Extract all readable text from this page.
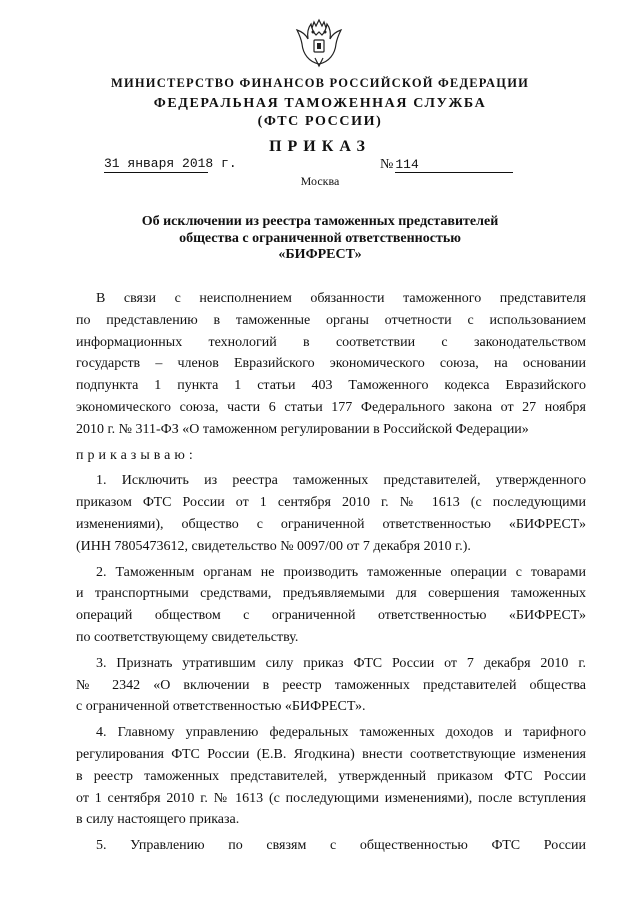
МИНИСТЕРСТВО ФИНАНСОВ РОССИЙСКОЙ ФЕДЕРАЦИИ
ФЕДЕРАЛЬНАЯ ТАМОЖЕННАЯ СЛУЖБА
(ФТС РОССИИ)
ПРИКАЗ
31 января 2018 г.	№ 114
Москва
Об исключении из реестра таможенных представителей
общества с ограниченной ответственностью
«БИФРЕСТ»
В связи с неисполнением обязанности таможенного представителя
по представлению в таможенные органы отчетности с использованием
информационных технологий в соответствии с законодательством
государств – членов Евразийского экономического союза, на основании
подпункта 1 пункта 1 статьи 403 Таможенного кодекса Евразийского
экономического союза, части 6 статьи 177 Федерального закона от 27 ноября
2010 г. № 311-ФЗ «О таможенном регулировании в Российской Федерации»
приказываю:
1. Исключить из реестра таможенных представителей, утвержденного
приказом ФТС России от 1 сентября 2010 г. № 1613 (с последующими
изменениями), общество с ограниченной ответственностью «БИФРЕСТ»
(ИНН 7805473612, свидетельство № 0097/00 от 7 декабря 2010 г.).
2. Таможенным органам не производить таможенные операции с товарами
и транспортными средствами, предъявляемыми для совершения таможенных
операций обществом с ограниченной ответственностью «БИФРЕСТ»
по соответствующему свидетельству.
3. Признать утратившим силу приказ ФТС России от 7 декабря 2010 г.
№ 2342 «О включении в реестр таможенных представителей общества
с ограниченной ответственностью «БИФРЕСТ».
4. Главному управлению федеральных таможенных доходов и тарифного
регулирования ФТС России (Е.В. Ягодкина) внести соответствующие изменения
в реестр таможенных представителей, утвержденный приказом ФТС России
от 1 сентября 2010 г. № 1613 (с последующими изменениями), после вступления
в силу настоящего приказа.
5. Управлению по связям с общественностью ФТС России
